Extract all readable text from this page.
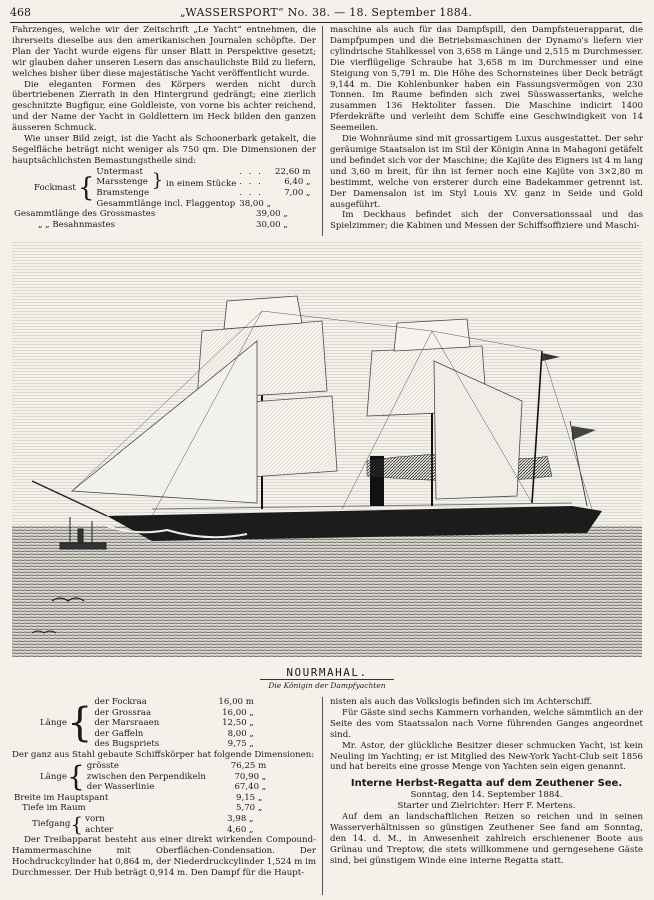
468	„WASSERSPORT“ No. 38. — 18. September 1884.

Fahrzenges, welche wir der Zeitschrift „Le Yacht“ entnehmen, die ihrerseits dieselbe aus den amerikanischen Journalen schöpfte. Der Plan der Yacht wurde eigens für unser Blatt in Perspektive gesetzt; wir glauben daher unseren Lesern das anschaulichste Bild zu liefern, welches bisher über diese majestätische Yacht veröffentlicht wurde.

Die eleganten Formen des Körpers werden nicht durch übertriebenen Zierrath in den Hintergrund gedrängt; eine zierlich geschnitzte Bugfigur, eine Goldleiste, von vorne bis achter reichend, und der Name der Yacht in Goldlettern im Heck bilden den ganzen äusseren Schmuck.

Wie unser Bild zeigt, ist die Yacht als Schoonerbark getakelt, die Segelfläche beträgt nicht weniger als 750 qm. Die Dimensionen der hauptsächlichsten Bemastungstheile sind:

Fockmast	{	Untermast	} in einem Stücke	. . .	22,60 m
		Marsstenge		. . .	6,40 „
		Bramstenge		. . .	7,00 „
		Gesammtlänge incl. Flaggentop		38,00 „	
Gesammtlänge des Grossmastes	39,00 „
„ „ Besahnmastes	30,00 „

maschine als auch für das Dampfspill, den Dampfsteuerapparat, die Dampfpumpen und die Betriebsmaschinen der Dynamo's liefern vier cylindrische Stahlkessel von 3,658 m Länge und 2,515 m Durchmesser. Die vierflügelige Schraube hat 3,658 m im Durchmesser und eine Steigung von 5,791 m. Die Höhe des Schornsteines über Deck beträgt 9,144 m. Die Kohlenbunker haben ein Fassungsvermögen von 230 Tonnen. Im Raume befinden sich zwei Süsswassertanks, welche zusammen 136 Hektoliter fassen. Die Maschine indicirt 1400 Pferdekräfte und verleiht dem Schiffe eine Geschwindigkeit von 14 Seemeilen.

Die Wohnräume sind mit grossartigem Luxus ausgestattet. Der sehr geräumige Staatsalon ist im Stil der Königin Anna in Mahagoni getäfelt und befindet sich vor der Maschine; die Kajüte des Eigners ist 4 m lang und 3,60 m breit, für ihn ist ferner noch eine Kajüte von 3×2,80 m bestimmt, welche von ersterer durch eine Badekammer getrennt ist. Der Damensalon ist im Styl Louis XV. ganz in Seide und Gold ausgeführt.

Im Deckhaus befindet sich der Conversationssaal und das Spielzimmer; die Kabinen und Messen der Schiffsoffiziere und Maschi-

NOURMAHAL.
Die Königin der Dampfyachten
Länge	{	der Fockraa	16,00 m
		der Grossraa	16,00 „
		der Marsraaen	12,50 „
		der Gaffeln	8,00 „
		des Bugspriets	9,75 „

Der ganz aus Stahl gebaute Schiffskörper hat folgende Dimensionen:

Länge	{	grösste	76,25 m
		zwischen den Perpendikeln	70,90 „
		der Wasserlinie	67,40 „
Breite im Hauptspant	9,15 „
Tiefe im Raum	5,70 „
Tiefgang	{	vorn	3,98 „
		achter	4,60 „

Der Treibapparat besteht aus einer direkt wirkenden Compound-Hammermaschine mit Oberflächen-Condensation. Der Hochdruckcylinder hat 0,864 m, der Niederdruckcylinder 1,524 m im Durchmesser. Der Hub beträgt 0,914 m. Den Dampf für die Haupt-

nisten als auch das Volkslogis befinden sich im Achterschiff.

Für Gäste sind sechs Kammern vorhanden, welche sämmtlich an der Seite des vom Staatssalon nach Vorne führenden Ganges angeordnet sind.

Mr. Astor, der glückliche Besitzer dieser schmucken Yacht, ist kein Neuling im Yachting; er ist Mitglied des New-York Yacht-Club seit 1856 und hat bereits eine grosse Menge von Yachten sein eigen genannt.

Interne Herbst-Regatta auf dem Zeuthener See.
Sonntag, den 14. September 1884.
Starter und Zielrichter: Herr F. Mertens.

Auf dem an landschaftlichen Reizen so reichen und in seinen Wasserverhältnissen so günstigen Zeuthener See fand am Sonntag, den 14. d. M., in Anwesenheit zahlreich erschienener Boote aus Grünau und Treptow, die stets willkommene und gerngesehene Gäste sind, bei günstigem Winde eine interne Regatta statt.
